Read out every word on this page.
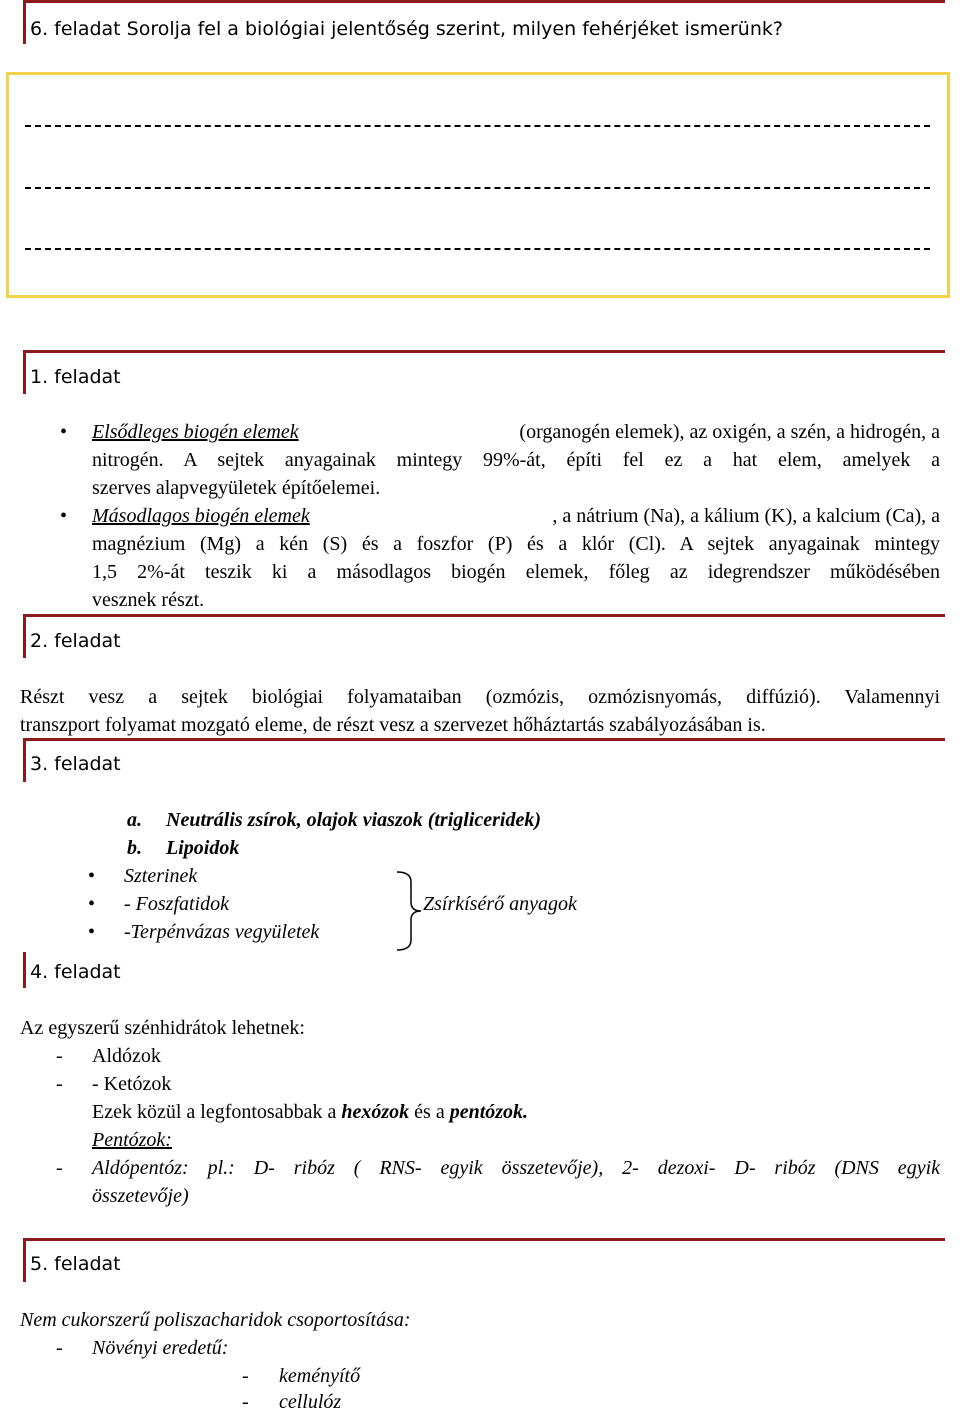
6. feladat Sorolja fel a biológiai jelentőség szerint, milyen fehérjéket ismerünk?
1. feladat
• Elsődleges biogén elemek	(organogén elemek), az oxigén, a szén, a hidrogén, a
nitrogén. A sejtek anyagainak mintegy 99%-át, építi fel ez a hat elem, amelyek a
szerves alapvegyületek építőelemei.
• Másodlagos biogén elemek	, a nátrium (Na), a kálium (K), a kalcium (Ca), a
magnézium (Mg) a kén (S) és a foszfor (P) és a klór (Cl). A sejtek anyagainak mintegy
1,5 2%-át teszik ki a másodlagos biogén elemek, főleg az idegrendszer működésében
vesznek részt.
2. feladat
Részt vesz a sejtek biológiai folyamataiban (ozmózis, ozmózisnyomás, diffúzió). Valamennyi
transzport folyamat mozgató eleme, de részt vesz a szervezet hőháztartás szabályozásában is.
3. feladat
a. Neutrális zsírok, olajok viaszok (trigliceridek)
b. Lipoidok
• Szterinek
• - Foszfatidok
• -Terpénvázas vegyületek
Zsírkísérő anyagok
4. feladat
Az egyszerű szénhidrátok lehetnek:
- Aldózok
- - Ketózok
Ezek közül a legfontosabbak a hexózok és a pentózok.
Pentózok:
- Aldópentóz: pl.: D- ribóz ( RNS- egyik összetevője), 2- dezoxi- D- ribóz (DNS egyik
összetevője)
5. feladat
Nem cukorszerű poliszacharidok csoportosítása:
- Növényi eredetű:
- keményítő
- cellulóz
